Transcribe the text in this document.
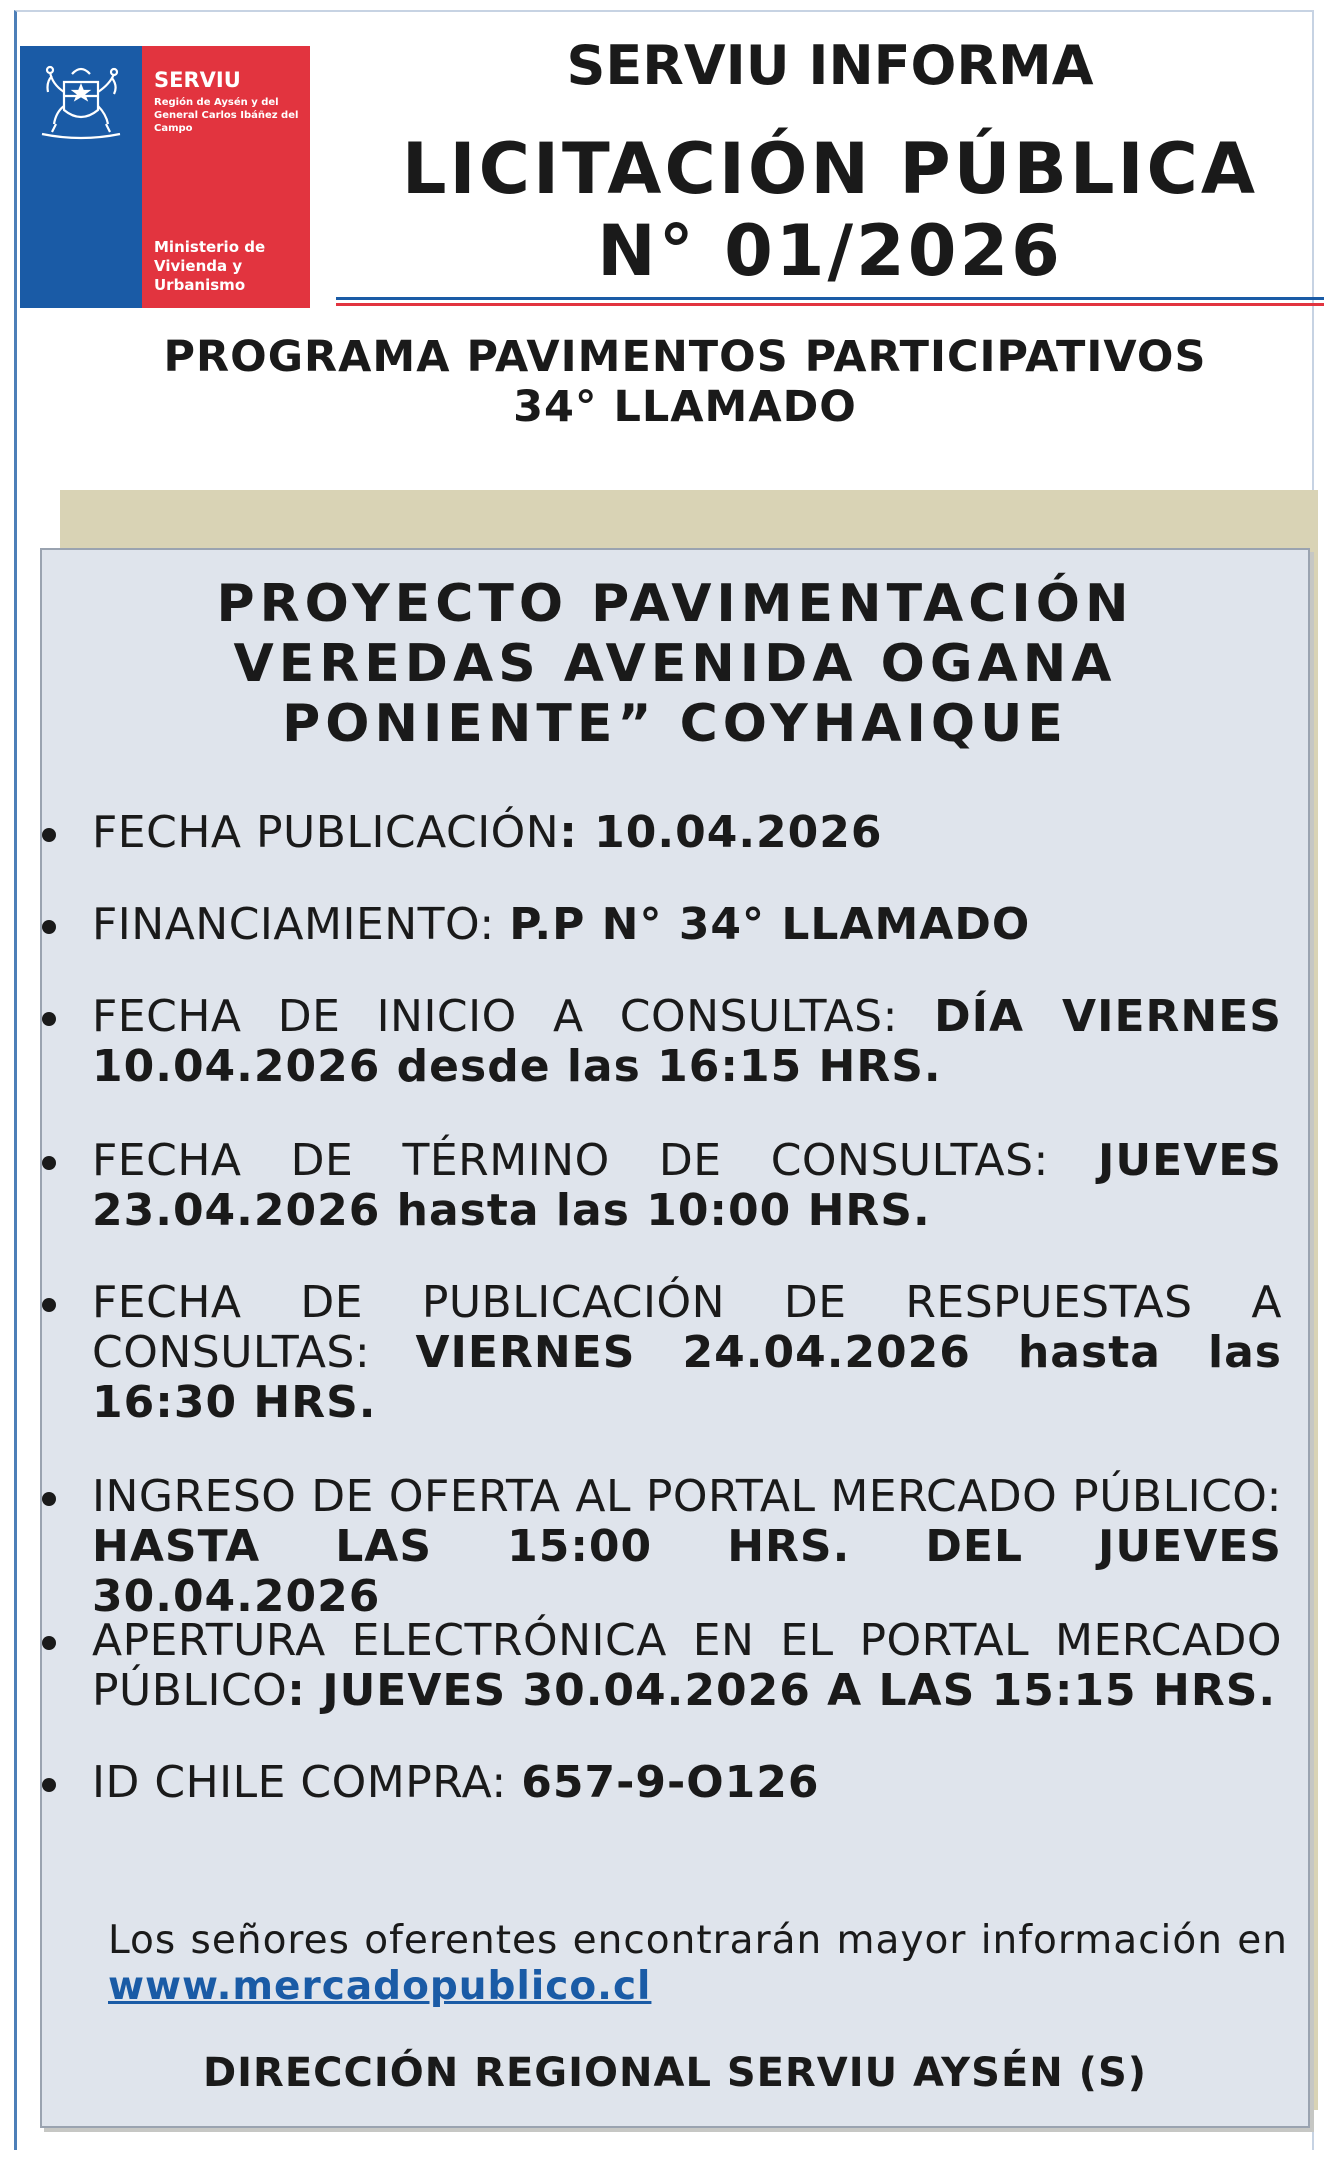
SERVIU
Región de Aysén y del General Carlos Ibáñez del Campo
Ministerio de Vivienda y Urbanismo
SERVIU INFORMA
LICITACIÓN PÚBLICA
N° 01/2026
PROGRAMA PAVIMENTOS PARTICIPATIVOS
34° LLAMADO
PROYECTO PAVIMENTACIÓN
VEREDAS AVENIDA OGANA
PONIENTE” COYHAIQUE
FECHA PUBLICACIÓN: 10.04.2026
FINANCIAMIENTO: P.P N° 34° LLAMADO
FECHA DE INICIO A CONSULTAS: DÍA VIERNES 10.04.2026 desde las 16:15 HRS.
FECHA DE TÉRMINO DE CONSULTAS: JUEVES 23.04.2026 hasta las 10:00 HRS.
FECHA DE PUBLICACIÓN DE RESPUESTAS A CONSULTAS: VIERNES 24.04.2026 hasta las 16:30 HRS.
INGRESO DE OFERTA AL PORTAL MERCADO PÚBLICO: HASTA LAS 15:00 HRS. DEL JUEVES 30.04.2026
APERTURA ELECTRÓNICA EN EL PORTAL MERCADO PÚBLICO: JUEVES 30.04.2026 A LAS 15:15 HRS.
ID CHILE COMPRA: 657-9-O126
Los señores oferentes encontrarán mayor información en www.mercadopublico.cl
DIRECCIÓN REGIONAL SERVIU AYSÉN (S)
